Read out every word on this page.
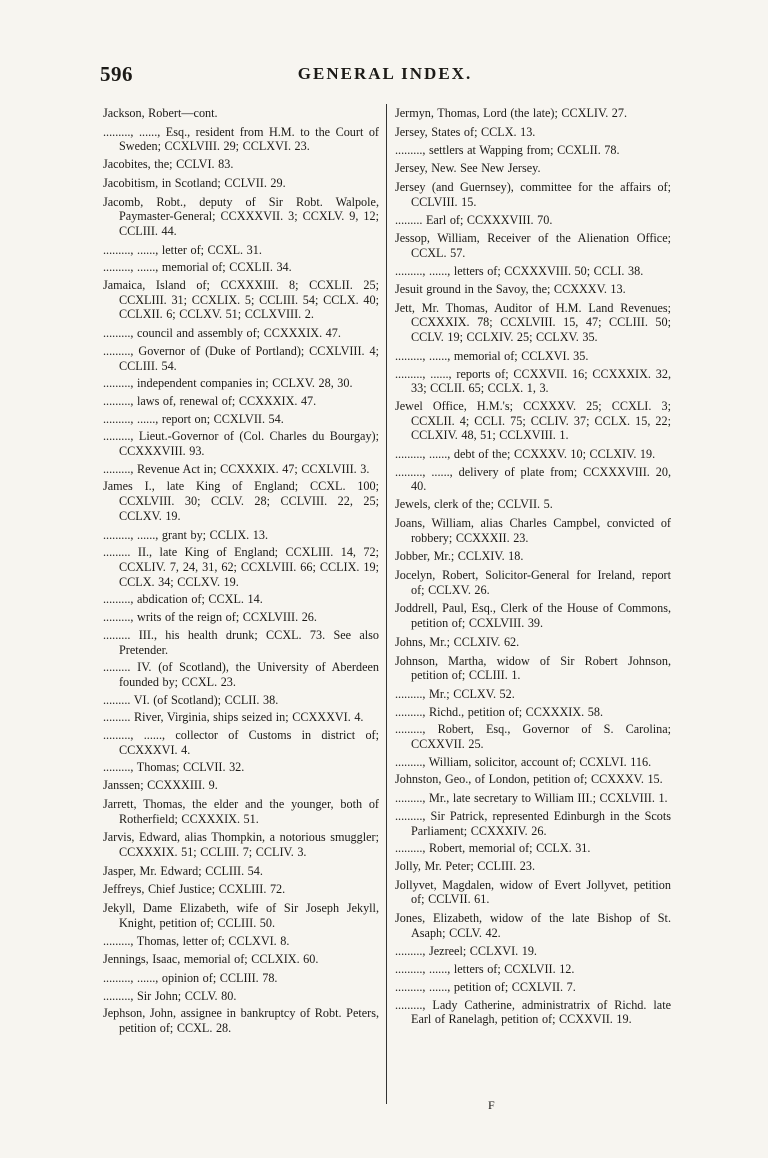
596	GENERAL INDEX.

Jackson, Robert—cont.

........., ......, Esq., resident from H.M. to the Court of Sweden; CCXLVIII. 29; CCLXVI. 23.

Jacobites, the; CCLVI. 83.

Jacobitism, in Scotland; CCLVII. 29.

Jacomb, Robt., deputy of Sir Robt. Walpole, Paymaster-General; CCXXXVII. 3; CCXLV. 9, 12; CCLIII. 44.

........., ......, letter of; CCXL. 31.

........., ......, memorial of; CCXLII. 34.

Jamaica, Island of; CCXXXIII. 8; CCXLII. 25; CCXLIII. 31; CCXLIX. 5; CCLIII. 54; CCLX. 40; CCLXII. 6; CCLXV. 51; CCLXVIII. 2.

........., council and assembly of; CCXXXIX. 47.

........., Governor of (Duke of Portland); CCXLVIII. 4; CCLIII. 54.

........., independent companies in; CCLXV. 28, 30.

........., laws of, renewal of; CCXXXIX. 47.

........., ......, report on; CCXLVII. 54.

........., Lieut.-Governor of (Col. Charles du Bourgay); CCXXXVIII. 93.

........., Revenue Act in; CCXXXIX. 47; CCXLVIII. 3.

James I., late King of England; CCXL. 100; CCXLVIII. 30; CCLV. 28; CCLVIII. 22, 25; CCLXV. 19.

........., ......, grant by; CCLIX. 13.

......... II., late King of England; CCXLIII. 14, 72; CCXLIV. 7, 24, 31, 62; CCXLVIII. 66; CCLIX. 19; CCLX. 34; CCLXV. 19.

........., abdication of; CCXL. 14.

........., writs of the reign of; CCXLVIII. 26.

......... III., his health drunk; CCXL. 73. See also Pretender.

......... IV. (of Scotland), the University of Aberdeen founded by; CCXL. 23.

......... VI. (of Scotland); CCLII. 38.

......... River, Virginia, ships seized in; CCXXXVI. 4.

........., ......, collector of Customs in district of; CCXXXVI. 4.

........., Thomas; CCLVII. 32.

Janssen; CCXXXIII. 9.

Jarrett, Thomas, the elder and the younger, both of Rotherfield; CCXXXIX. 51.

Jarvis, Edward, alias Thompkin, a notorious smuggler; CCXXXIX. 51; CCLIII. 7; CCLIV. 3.

Jasper, Mr. Edward; CCLIII. 54.

Jeffreys, Chief Justice; CCXLIII. 72.

Jekyll, Dame Elizabeth, wife of Sir Joseph Jekyll, Knight, petition of; CCLIII. 50.

........., Thomas, letter of; CCLXVI. 8.

Jennings, Isaac, memorial of; CCLXIX. 60.

........., ......, opinion of; CCLIII. 78.

........., Sir John; CCLV. 80.

Jephson, John, assignee in bankruptcy of Robt. Peters, petition of; CCXL. 28.

Jermyn, Thomas, Lord (the late); CCXLIV. 27.

Jersey, States of; CCLX. 13.

........., settlers at Wapping from; CCXLII. 78.

Jersey, New. See New Jersey.

Jersey (and Guernsey), committee for the affairs of; CCLVIII. 15.

......... Earl of; CCXXXVIII. 70.

Jessop, William, Receiver of the Alienation Office; CCXL. 57.

........., ......, letters of; CCXXXVIII. 50; CCLI. 38.

Jesuit ground in the Savoy, the; CCXXXV. 13.

Jett, Mr. Thomas, Auditor of H.M. Land Revenues; CCXXXIX. 78; CCXLVIII. 15, 47; CCLIII. 50; CCLV. 19; CCLXIV. 25; CCLXV. 35.

........., ......, memorial of; CCLXVI. 35.

........., ......, reports of; CCXXVII. 16; CCXXXIX. 32, 33; CCLII. 65; CCLX. 1, 3.

Jewel Office, H.M.'s; CCXXXV. 25; CCXLI. 3; CCXLII. 4; CCLI. 75; CCLIV. 37; CCLX. 15, 22; CCLXIV. 48, 51; CCLXVIII. 1.

........., ......, debt of the; CCXXXV. 10; CCLXIV. 19.

........., ......, delivery of plate from; CCXXXVIII. 20, 40.

Jewels, clerk of the; CCLVII. 5.

Joans, William, alias Charles Campbel, convicted of robbery; CCXXXII. 23.

Jobber, Mr.; CCLXIV. 18.

Jocelyn, Robert, Solicitor-General for Ireland, report of; CCLXV. 26.

Joddrell, Paul, Esq., Clerk of the House of Commons, petition of; CCXLVIII. 39.

Johns, Mr.; CCLXIV. 62.

Johnson, Martha, widow of Sir Robert Johnson, petition of; CCLIII. 1.

........., Mr.; CCLXV. 52.

........., Richd., petition of; CCXXXIX. 58.

........., Robert, Esq., Governor of S. Carolina; CCXXVII. 25.

........., William, solicitor, account of; CCXLVI. 116.

Johnston, Geo., of London, petition of; CCXXXV. 15.

........., Mr., late secretary to William III.; CCXLVIII. 1.

........., Sir Patrick, represented Edinburgh in the Scots Parliament; CCXXXIV. 26.

........., Robert, memorial of; CCLX. 31.

Jolly, Mr. Peter; CCLIII. 23.

Jollyvet, Magdalen, widow of Evert Jollyvet, petition of; CCLVII. 61.

Jones, Elizabeth, widow of the late Bishop of St. Asaph; CCLV. 42.

........., Jezreel; CCLXVI. 19.

........., ......, letters of; CCXLVII. 12.

........., ......, petition of; CCXLVII. 7.

........., Lady Catherine, administratrix of Richd. late Earl of Ranelagh, petition of; CCXXVII. 19.

F
